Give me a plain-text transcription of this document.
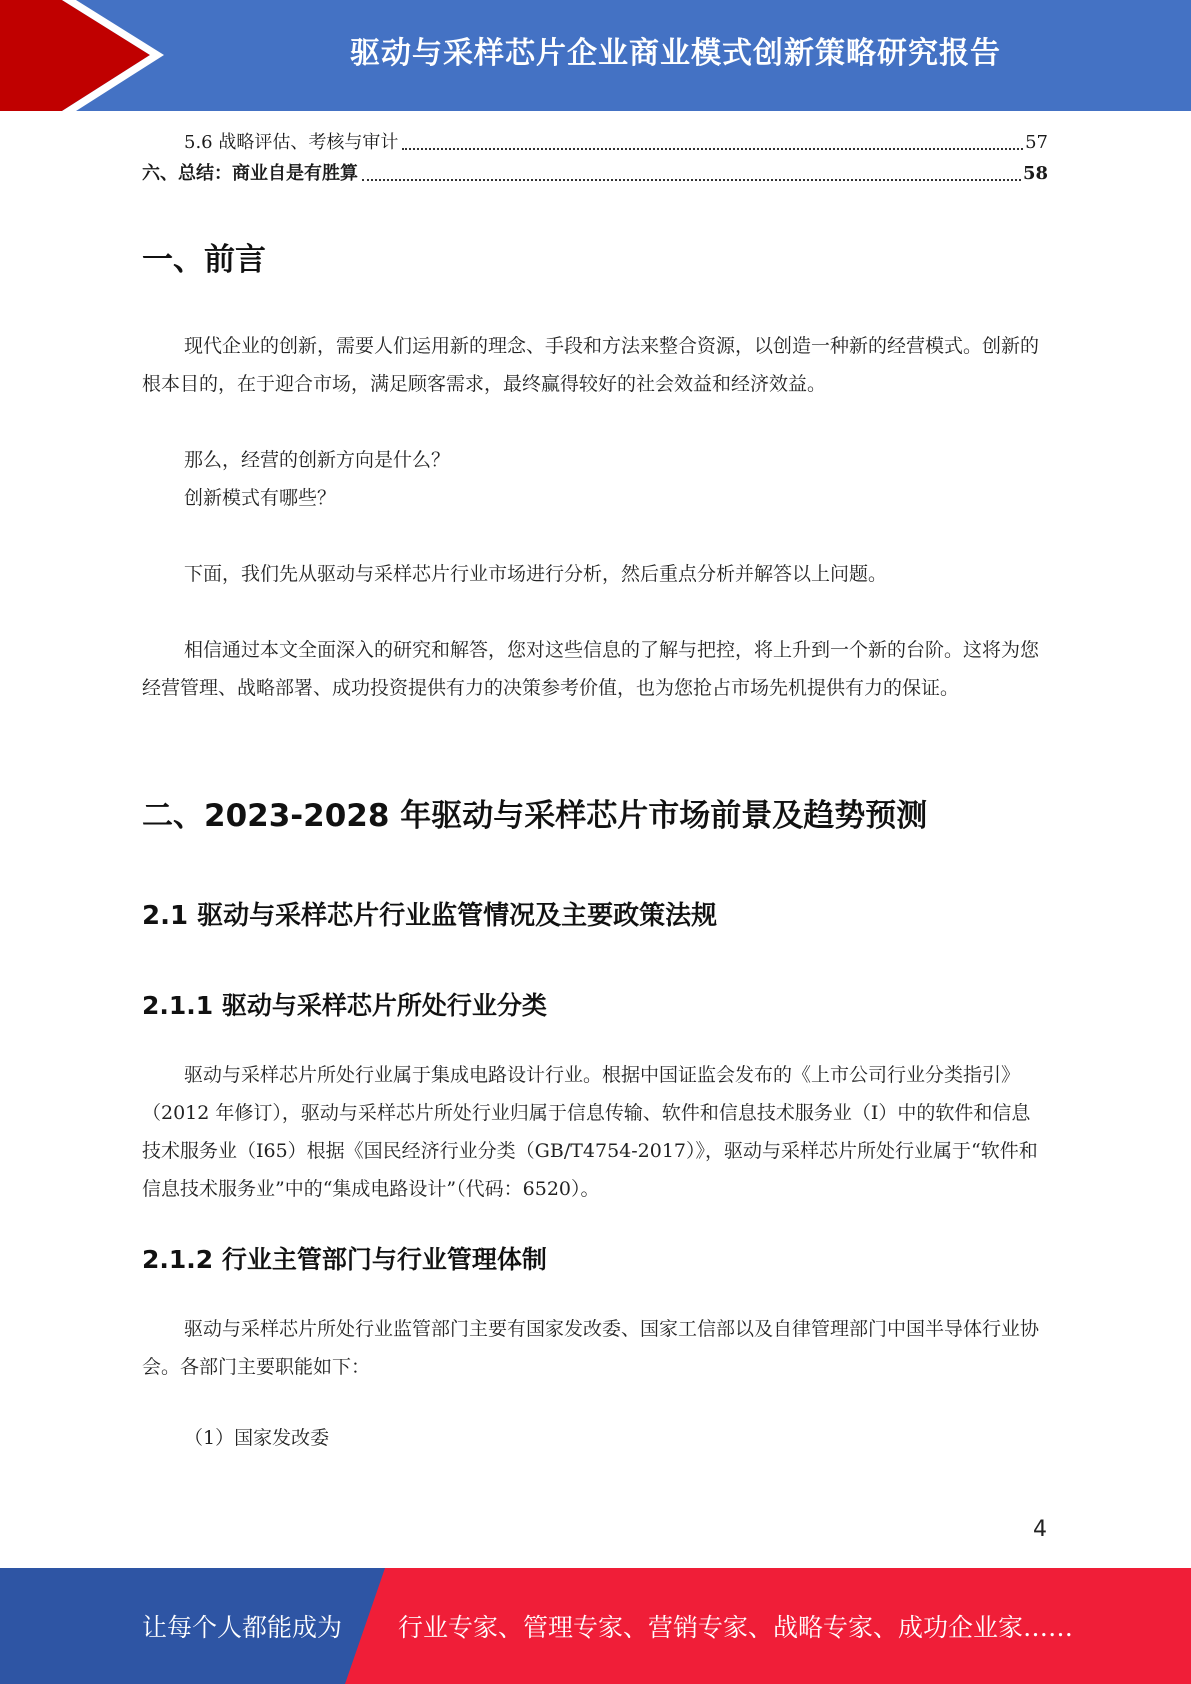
驱动与采样芯片企业商业模式创新策略研究报告
5.6 战略评估、考核与审计	57
六、总结：商业自是有胜算	58
一、前言

现代企业的创新，需要人们运用新的理念、手段和方法来整合资源，以创造一种新的经营模式。创新的根本目的，在于迎合市场，满足顾客需求，最终赢得较好的社会效益和经济效益。

那么，经营的创新方向是什么？

创新模式有哪些？

下面，我们先从驱动与采样芯片行业市场进行分析，然后重点分析并解答以上问题。

相信通过本文全面深入的研究和解答，您对这些信息的了解与把控，将上升到一个新的台阶。这将为您经营管理、战略部署、成功投资提供有力的决策参考价值，也为您抢占市场先机提供有力的保证。

二、2023-2028 年驱动与采样芯片市场前景及趋势预测
2.1 驱动与采样芯片行业监管情况及主要政策法规
2.1.1 驱动与采样芯片所处行业分类

驱动与采样芯片所处行业属于集成电路设计行业。根据中国证监会发布的《上市公司行业分类指引》（2012 年修订），驱动与采样芯片所处行业归属于信息传输、软件和信息技术服务业（I）中的软件和信息技术服务业（I65）根据《国民经济行业分类（GB/T4754-2017）》，驱动与采样芯片所处行业属于“软件和信息技术服务业”中的“集成电路设计”（代码：6520）。

2.1.2 行业主管部门与行业管理体制

驱动与采样芯片所处行业监管部门主要有国家发改委、国家工信部以及自律管理部门中国半导体行业协会。各部门主要职能如下：

（1）国家发改委

4
让每个人都能成为 行业专家、管理专家、营销专家、战略专家、成功企业家……
